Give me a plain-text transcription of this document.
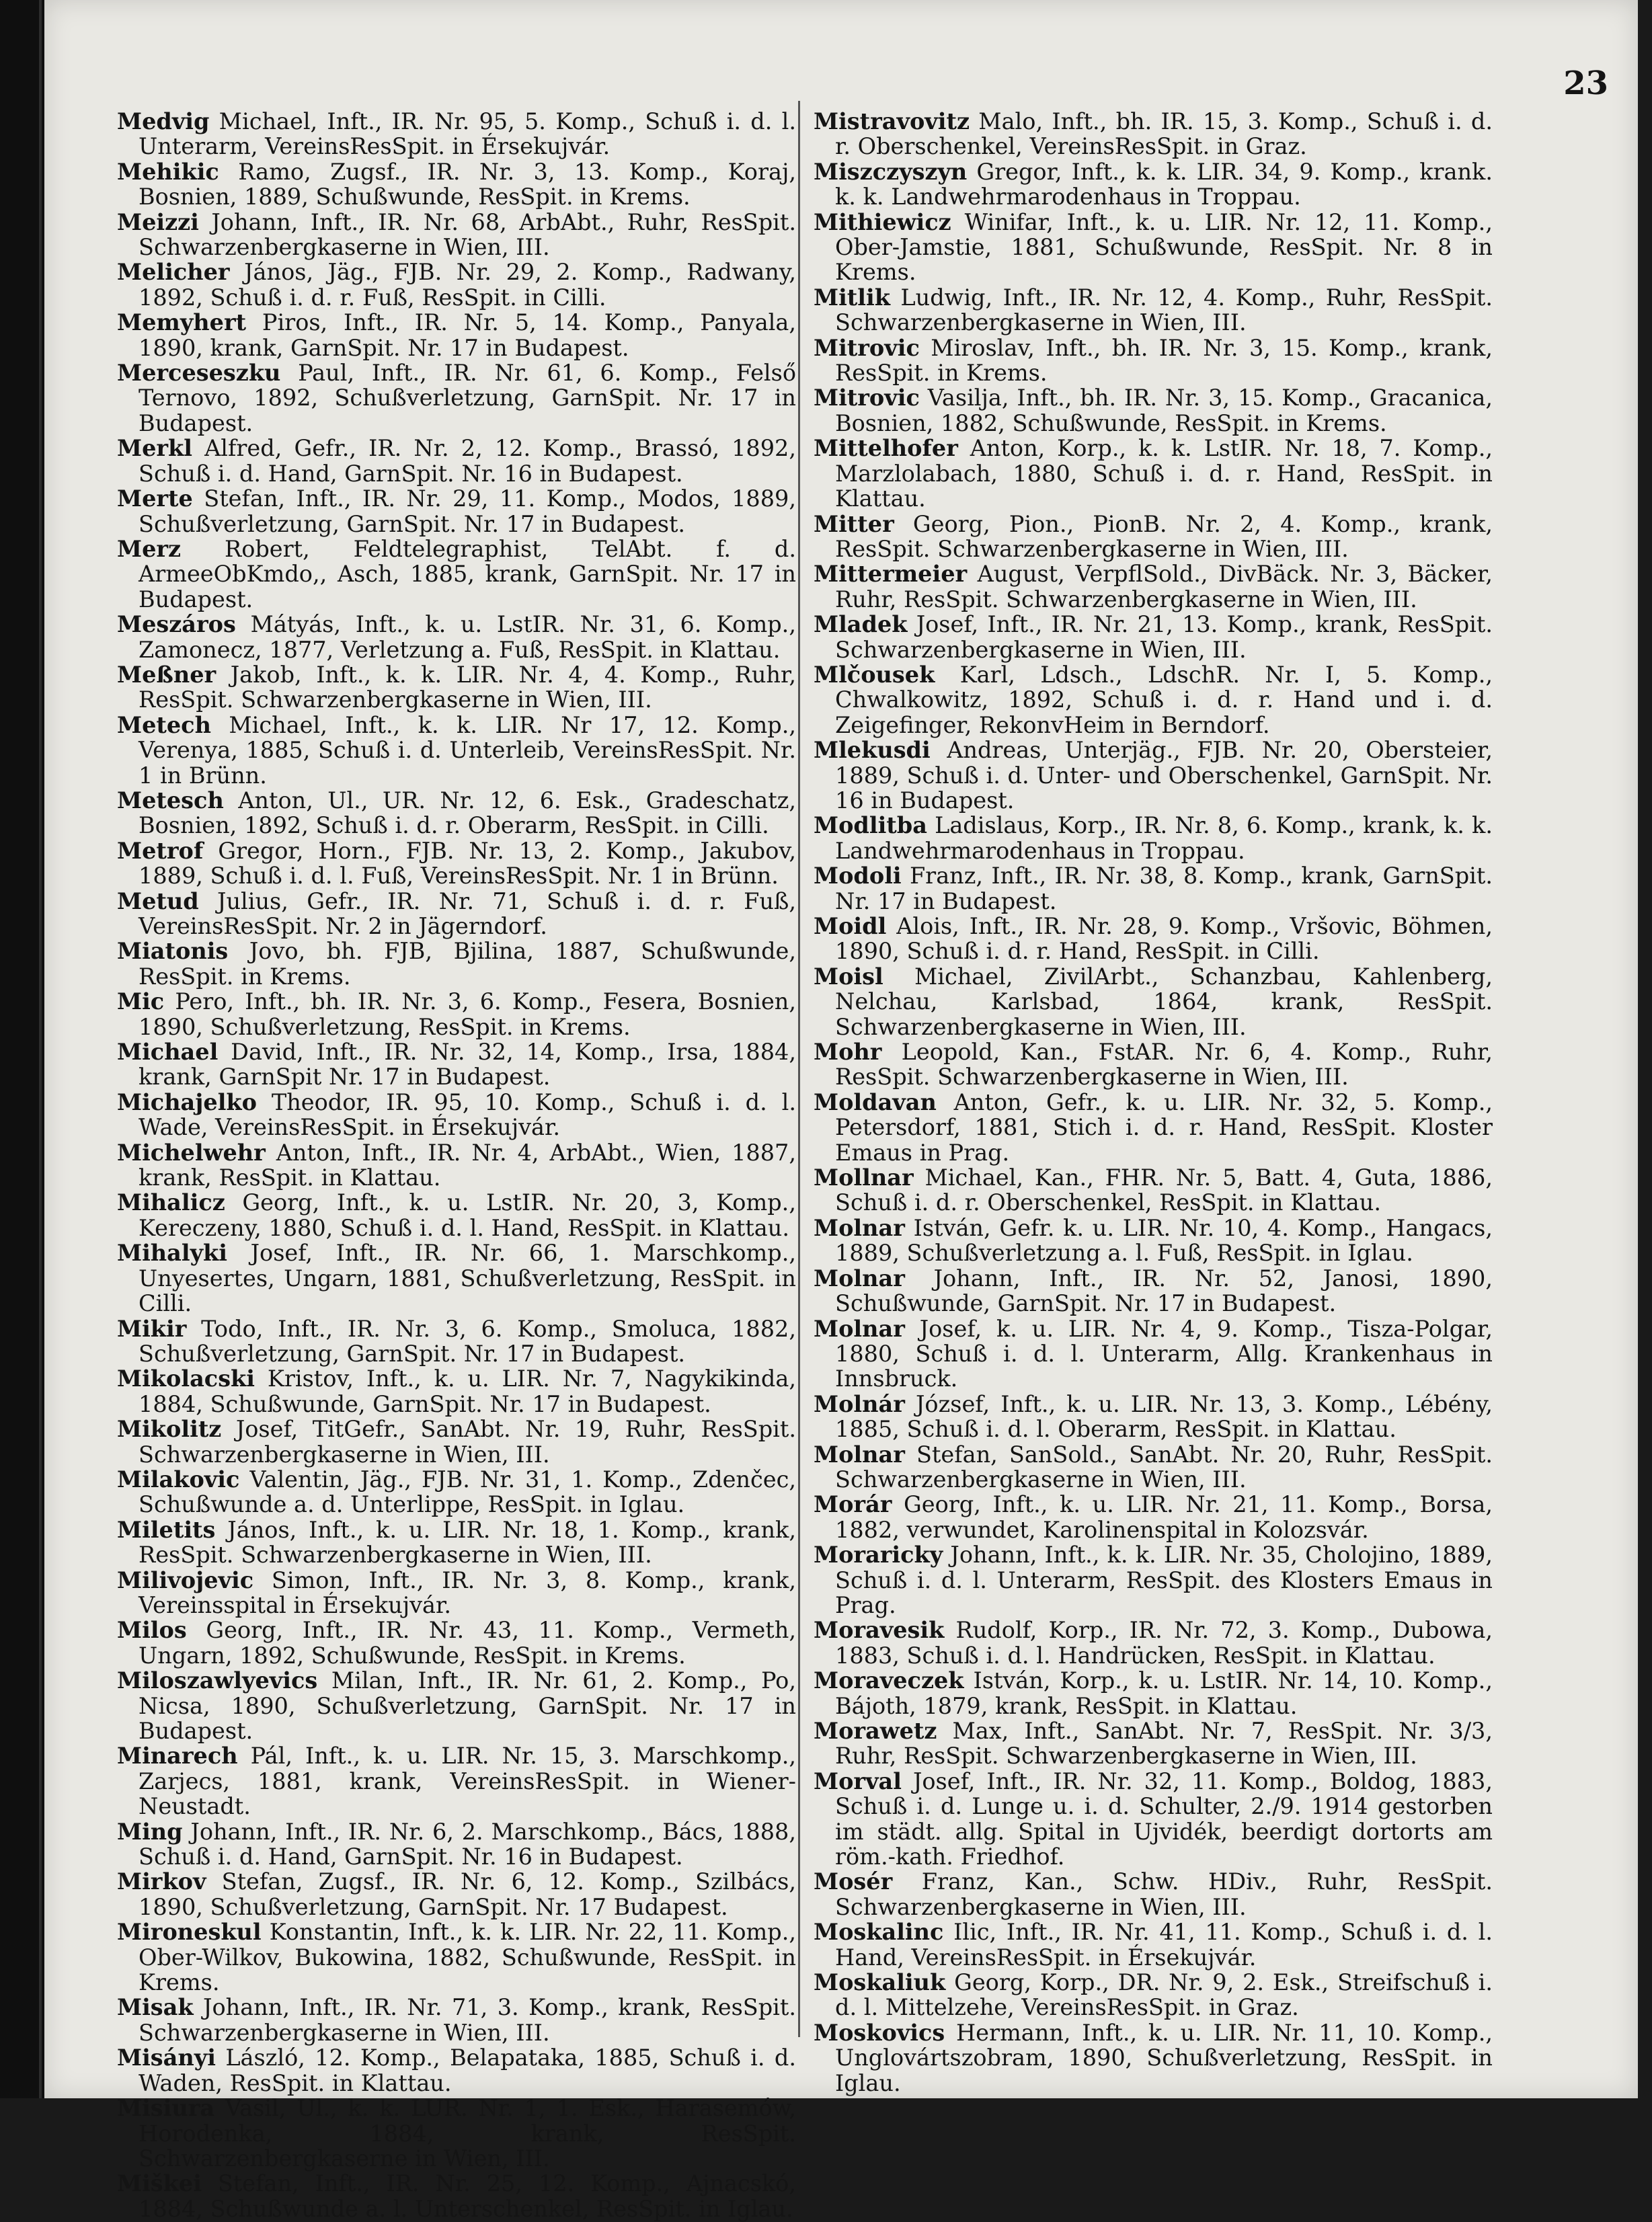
23

Medvig Michael, Inft., IR. Nr. 95, 5. Komp., Schuß i. d. l. Unterarm, VereinsResSpit. in Érsekujvár.

Mehikic Ramo, Zugsf., IR. Nr. 3, 13. Komp., Koraj, Bosnien, 1889, Schußwunde, ResSpit. in Krems.

Meizzi Johann, Inft., IR. Nr. 68, ArbAbt., Ruhr, ResSpit. Schwarzenbergkaserne in Wien, III.

Melicher János, Jäg., FJB. Nr. 29, 2. Komp., Radwany, 1892, Schuß i. d. r. Fuß, ResSpit. in Cilli.

Memyhert Piros, Inft., IR. Nr. 5, 14. Komp., Panyala, 1890, krank, GarnSpit. Nr. 17 in Budapest.

Merceseszku Paul, Inft., IR. Nr. 61, 6. Komp., Felső Ternovo, 1892, Schußverletzung, GarnSpit. Nr. 17 in Budapest.

Merkl Alfred, Gefr., IR. Nr. 2, 12. Komp., Brassó, 1892, Schuß i. d. Hand, GarnSpit. Nr. 16 in Budapest.

Merte Stefan, Inft., IR. Nr. 29, 11. Komp., Modos, 1889, Schußverletzung, GarnSpit. Nr. 17 in Budapest.

Merz Robert, Feldtelegraphist, TelAbt. f. d. ArmeeObKmdo,, Asch, 1885, krank, GarnSpit. Nr. 17 in Budapest.

Meszáros Mátyás, Inft., k. u. LstIR. Nr. 31, 6. Komp., Zamonecz, 1877, Verletzung a. Fuß, ResSpit. in Klattau.

Meßner Jakob, Inft., k. k. LIR. Nr. 4, 4. Komp., Ruhr, ResSpit. Schwarzenbergkaserne in Wien, III.

Metech Michael, Inft., k. k. LIR. Nr 17, 12. Komp., Verenya, 1885, Schuß i. d. Unterleib, VereinsResSpit. Nr. 1 in Brünn.

Metesch Anton, Ul., UR. Nr. 12, 6. Esk., Gradeschatz, Bosnien, 1892, Schuß i. d. r. Oberarm, ResSpit. in Cilli.

Metrof Gregor, Horn., FJB. Nr. 13, 2. Komp., Jakubov, 1889, Schuß i. d. l. Fuß, VereinsResSpit. Nr. 1 in Brünn.

Metud Julius, Gefr., IR. Nr. 71, Schuß i. d. r. Fuß, VereinsResSpit. Nr. 2 in Jägerndorf.

Miatonis Jovo, bh. FJB, Bjilina, 1887, Schußwunde, ResSpit. in Krems.

Mic Pero, Inft., bh. IR. Nr. 3, 6. Komp., Fesera, Bosnien, 1890, Schußverletzung, ResSpit. in Krems.

Michael David, Inft., IR. Nr. 32, 14, Komp., Irsa, 1884, krank, GarnSpit Nr. 17 in Budapest.

Michajelko Theodor, IR. 95, 10. Komp., Schuß i. d. l. Wade, VereinsResSpit. in Érsekujvár.

Michelwehr Anton, Inft., IR. Nr. 4, ArbAbt., Wien, 1887, krank, ResSpit. in Klattau.

Mihalicz Georg, Inft., k. u. LstIR. Nr. 20, 3, Komp., Kereczeny, 1880, Schuß i. d. l. Hand, ResSpit. in Klattau.

Mihalyki Josef, Inft., IR. Nr. 66, 1. Marschkomp., Unyesertes, Ungarn, 1881, Schußverletzung, ResSpit. in Cilli.

Mikir Todo, Inft., IR. Nr. 3, 6. Komp., Smoluca, 1882, Schußverletzung, GarnSpit. Nr. 17 in Budapest.

Mikolacski Kristov, Inft., k. u. LIR. Nr. 7, Nagykikinda, 1884, Schußwunde, GarnSpit. Nr. 17 in Budapest.

Mikolitz Josef, TitGefr., SanAbt. Nr. 19, Ruhr, ResSpit. Schwarzenbergkaserne in Wien, III.

Milakovic Valentin, Jäg., FJB. Nr. 31, 1. Komp., Zdenčec, Schußwunde a. d. Unterlippe, ResSpit. in Iglau.

Miletits János, Inft., k. u. LIR. Nr. 18, 1. Komp., krank, ResSpit. Schwarzenbergkaserne in Wien, III.

Milivojevic Simon, Inft., IR. Nr. 3, 8. Komp., krank, Vereinsspital in Érsekujvár.

Milos Georg, Inft., IR. Nr. 43, 11. Komp., Vermeth, Ungarn, 1892, Schußwunde, ResSpit. in Krems.

Miloszawlyevics Milan, Inft., IR. Nr. 61, 2. Komp., Po, Nicsa, 1890, Schußverletzung, GarnSpit. Nr. 17 in Budapest.

Minarech Pál, Inft., k. u. LIR. Nr. 15, 3. Marschkomp., Zarjecs, 1881, krank, VereinsResSpit. in Wiener-Neustadt.

Ming Johann, Inft., IR. Nr. 6, 2. Marschkomp., Bács, 1888, Schuß i. d. Hand, GarnSpit. Nr. 16 in Budapest.

Mirkov Stefan, Zugsf., IR. Nr. 6, 12. Komp., Szilbács, 1890, Schußverletzung, GarnSpit. Nr. 17 Budapest.

Mironeskul Konstantin, Inft., k. k. LIR. Nr. 22, 11. Komp., Ober-Wilkov, Bukowina, 1882, Schußwunde, ResSpit. in Krems.

Misak Johann, Inft., IR. Nr. 71, 3. Komp., krank, ResSpit. Schwarzenbergkaserne in Wien, III.

Misányi László, 12. Komp., Belapataka, 1885, Schuß i. d. Waden, ResSpit. in Klattau.

Misiura Vasil, Ul., k. k. LUR. Nr. 1, 1. Esk., Harasemów, Horodenka, 1884, krank, ResSpit. Schwarzenbergkaserne in Wien, III.

Miškei Stefan, Inft., IR. Nr. 25, 12. Komp., Ajnacskó, 1884, Schußwunde a. l. Unterschenkel, ResSpit. in Iglau.

Mistravovitz Malo, Inft., bh. IR. 15, 3. Komp., Schuß i. d. r. Oberschenkel, VereinsResSpit. in Graz.

Miszczyszyn Gregor, Inft., k. k. LIR. 34, 9. Komp., krank. k. k. Landwehrmarodenhaus in Troppau.

Mithiewicz Winifar, Inft., k. u. LIR. Nr. 12, 11. Komp., Ober-Jamstie, 1881, Schußwunde, ResSpit. Nr. 8 in Krems.

Mitlik Ludwig, Inft., IR. Nr. 12, 4. Komp., Ruhr, ResSpit. Schwarzenbergkaserne in Wien, III.

Mitrovic Miroslav, Inft., bh. IR. Nr. 3, 15. Komp., krank, ResSpit. in Krems.

Mitrovic Vasilja, Inft., bh. IR. Nr. 3, 15. Komp., Gracanica, Bosnien, 1882, Schußwunde, ResSpit. in Krems.

Mittelhofer Anton, Korp., k. k. LstIR. Nr. 18, 7. Komp., Marzlolabach, 1880, Schuß i. d. r. Hand, ResSpit. in Klattau.

Mitter Georg, Pion., PionB. Nr. 2, 4. Komp., krank, ResSpit. Schwarzenbergkaserne in Wien, III.

Mittermeier August, VerpflSold., DivBäck. Nr. 3, Bäcker, Ruhr, ResSpit. Schwarzenbergkaserne in Wien, III.

Mladek Josef, Inft., IR. Nr. 21, 13. Komp., krank, ResSpit. Schwarzenbergkaserne in Wien, III.

Mlčousek Karl, Ldsch., LdschR. Nr. I, 5. Komp., Chwalkowitz, 1892, Schuß i. d. r. Hand und i. d. Zeigefinger, RekonvHeim in Berndorf.

Mlekusdi Andreas, Unterjäg., FJB. Nr. 20, Obersteier, 1889, Schuß i. d. Unter- und Oberschenkel, GarnSpit. Nr. 16 in Budapest.

Modlitba Ladislaus, Korp., IR. Nr. 8, 6. Komp., krank, k. k. Landwehrmarodenhaus in Troppau.

Modoli Franz, Inft., IR. Nr. 38, 8. Komp., krank, GarnSpit. Nr. 17 in Budapest.

Moidl Alois, Inft., IR. Nr. 28, 9. Komp., Vršovic, Böhmen, 1890, Schuß i. d. r. Hand, ResSpit. in Cilli.

Moisl Michael, ZivilArbt., Schanzbau, Kahlenberg, Nelchau, Karlsbad, 1864, krank, ResSpit. Schwarzenbergkaserne in Wien, III.

Mohr Leopold, Kan., FstAR. Nr. 6, 4. Komp., Ruhr, ResSpit. Schwarzenbergkaserne in Wien, III.

Moldavan Anton, Gefr., k. u. LIR. Nr. 32, 5. Komp., Petersdorf, 1881, Stich i. d. r. Hand, ResSpit. Kloster Emaus in Prag.

Mollnar Michael, Kan., FHR. Nr. 5, Batt. 4, Guta, 1886, Schuß i. d. r. Oberschenkel, ResSpit. in Klattau.

Molnar István, Gefr. k. u. LIR. Nr. 10, 4. Komp., Hangacs, 1889, Schußverletzung a. l. Fuß, ResSpit. in Iglau.

Molnar Johann, Inft., IR. Nr. 52, Janosi, 1890, Schußwunde, GarnSpit. Nr. 17 in Budapest.

Molnar Josef, k. u. LIR. Nr. 4, 9. Komp., Tisza-Polgar, 1880, Schuß i. d. l. Unterarm, Allg. Krankenhaus in Innsbruck.

Molnár József, Inft., k. u. LIR. Nr. 13, 3. Komp., Lébény, 1885, Schuß i. d. l. Oberarm, ResSpit. in Klattau.

Molnar Stefan, SanSold., SanAbt. Nr. 20, Ruhr, ResSpit. Schwarzenbergkaserne in Wien, III.

Morár Georg, Inft., k. u. LIR. Nr. 21, 11. Komp., Borsa, 1882, verwundet, Karolinenspital in Kolozsvár.

Moraricky Johann, Inft., k. k. LIR. Nr. 35, Cholojino, 1889, Schuß i. d. l. Unterarm, ResSpit. des Klosters Emaus in Prag.

Moravesik Rudolf, Korp., IR. Nr. 72, 3. Komp., Dubowa, 1883, Schuß i. d. l. Handrücken, ResSpit. in Klattau.

Moraveczek István, Korp., k. u. LstIR. Nr. 14, 10. Komp., Bájoth, 1879, krank, ResSpit. in Klattau.

Morawetz Max, Inft., SanAbt. Nr. 7, ResSpit. Nr. 3/3, Ruhr, ResSpit. Schwarzenbergkaserne in Wien, III.

Morval Josef, Inft., IR. Nr. 32, 11. Komp., Boldog, 1883, Schuß i. d. Lunge u. i. d. Schulter, 2./9. 1914 gestorben im städt. allg. Spital in Ujvidék, beerdigt dortorts am röm.-kath. Friedhof.

Mosér Franz, Kan., Schw. HDiv., Ruhr, ResSpit. Schwarzenbergkaserne in Wien, III.

Moskalinc Ilic, Inft., IR. Nr. 41, 11. Komp., Schuß i. d. l. Hand, VereinsResSpit. in Érsekujvár.

Moskaliuk Georg, Korp., DR. Nr. 9, 2. Esk., Streifschuß i. d. l. Mittelzehe, VereinsResSpit. in Graz.

Moskovics Hermann, Inft., k. u. LIR. Nr. 11, 10. Komp., Unglovártszobram, 1890, Schußverletzung, ResSpit. in Iglau.
